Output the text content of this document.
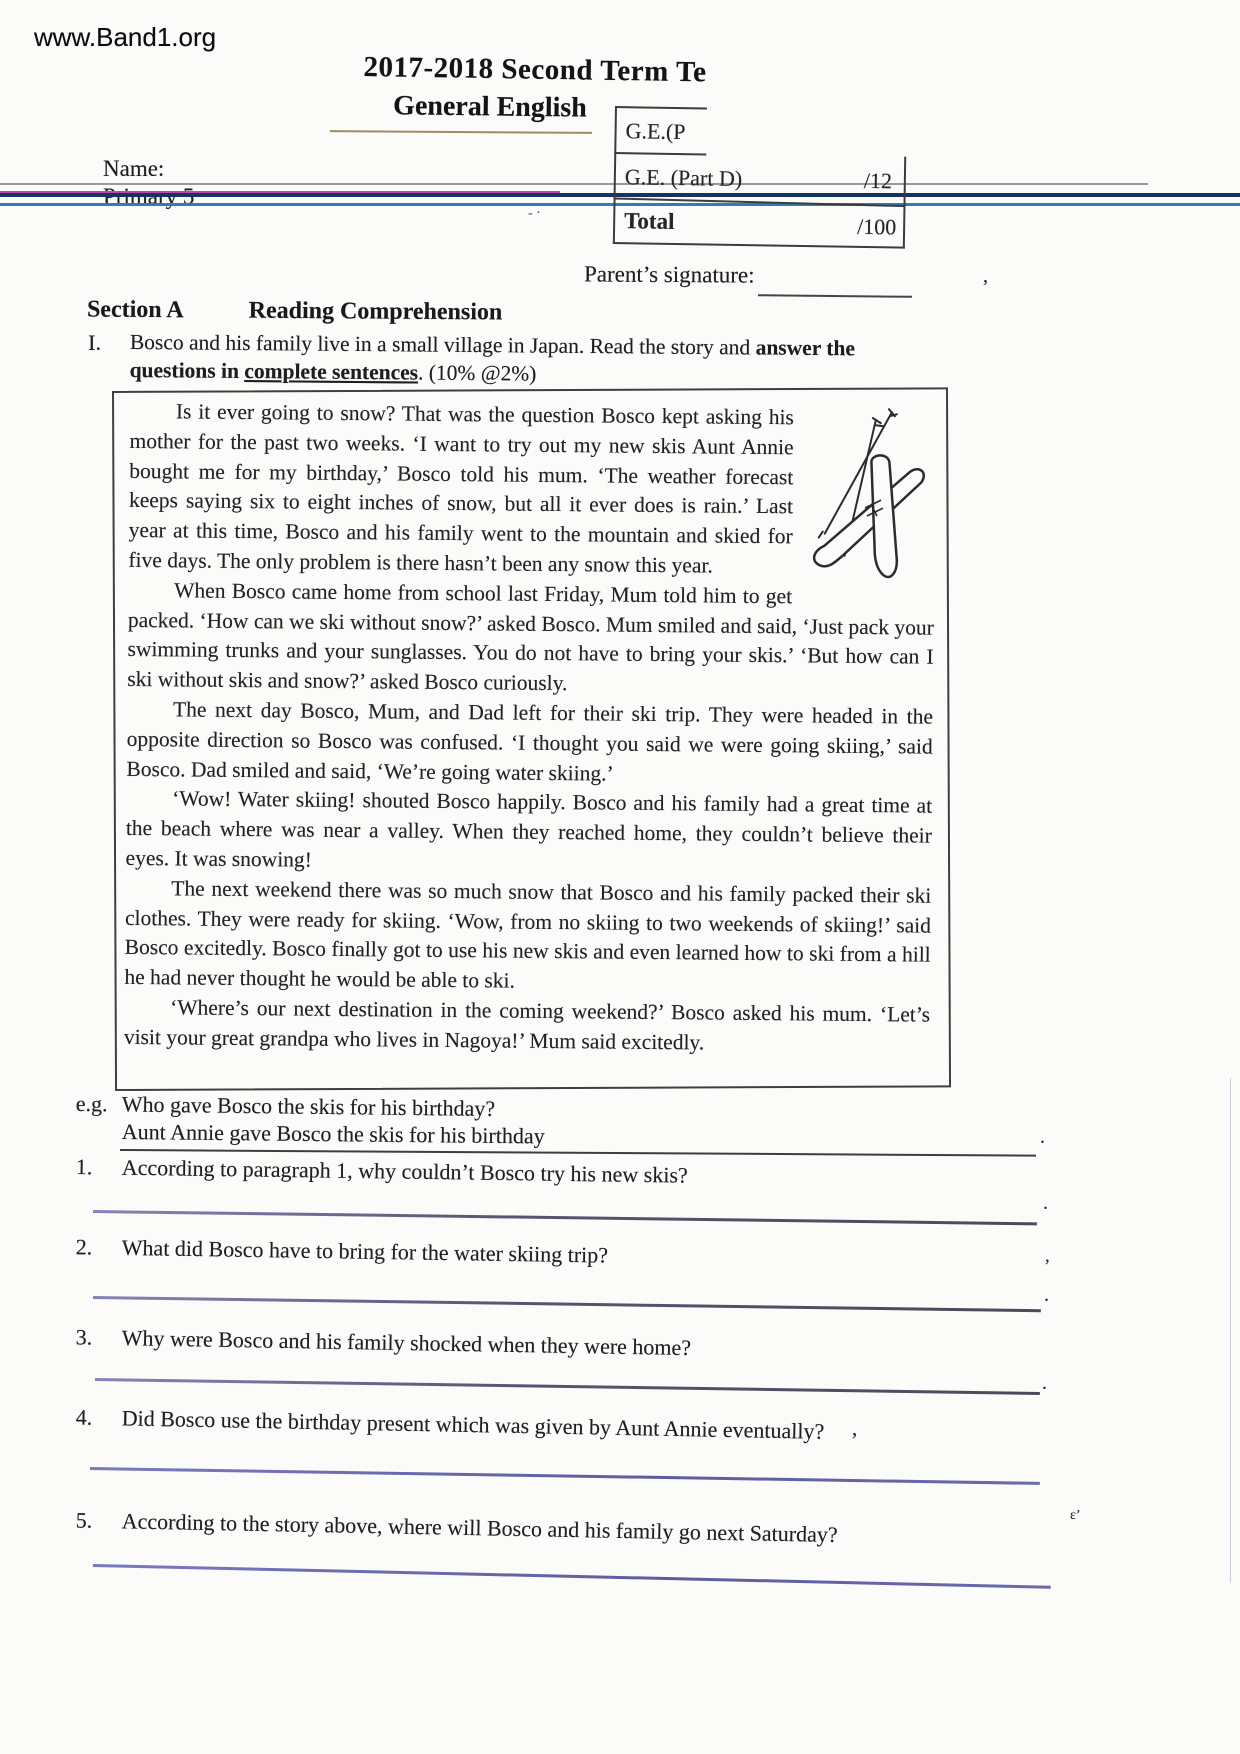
www.Band1.org
2017-2018 Second Term Te
General English
Name:
G.E.(P
G.E. (Part D)	/12
Total	/100
Parent’s signature:
Section A	Reading Comprehension
I. Bosco and his family live in a small village in Japan. Read the story and answer the
questions in complete sentences. (10% @2%)

Is it ever going to snow? That was the question Bosco kept asking his mother for the past two weeks. ‘I want to try out my new skis Aunt Annie bought me for my birthday,’ Bosco told his mum. ‘The weather forecast keeps saying six to eight inches of snow, but all it ever does is rain.’ Last year at this time, Bosco and his family went to the mountain and skied for five days. The only problem is there hasn’t been any snow this year.

When Bosco came home from school last Friday, Mum told him to get packed. ‘How can we ski without snow?’ asked Bosco. Mum smiled and said, ‘Just pack your swimming trunks and your sunglasses. You do not have to bring your skis.’ ‘But how can I ski without skis and snow?’ asked Bosco curiously.

The next day Bosco, Mum, and Dad left for their ski trip. They were headed in the opposite direction so Bosco was confused. ‘I thought you said we were going skiing,’ said Bosco. Dad smiled and said, ‘We’re going water skiing.’

‘Wow! Water skiing! shouted Bosco happily. Bosco and his family had a great time at the beach where was near a valley. When they reached home, they couldn’t believe their eyes. It was snowing!

The next weekend there was so much snow that Bosco and his family packed their ski clothes. They were ready for skiing. ‘Wow, from no skiing to two weekends of skiing!’ said Bosco excitedly. Bosco finally got to use his new skis and even learned how to ski from a hill he had never thought he would be able to ski.

‘Where’s our next destination in the coming weekend?’ Bosco asked his mum. ‘Let’s visit your great grandpa who lives in Nagoya!’ Mum said excitedly.

e.g. Who gave Bosco the skis for his birthday?
Aunt Annie gave Bosco the skis for his birthday
1.	According to paragraph 1, why couldn’t Bosco try his new skis?
2.	What did Bosco have to bring for the water skiing trip?
3.	Why were Bosco and his family shocked when they were home?
4.	Did Bosco use the birthday present which was given by Aunt Annie eventually?
5.	According to the story above, where will Bosco and his family go next Saturday?
’
.
.
’
.
.
,
ε’
- ·
